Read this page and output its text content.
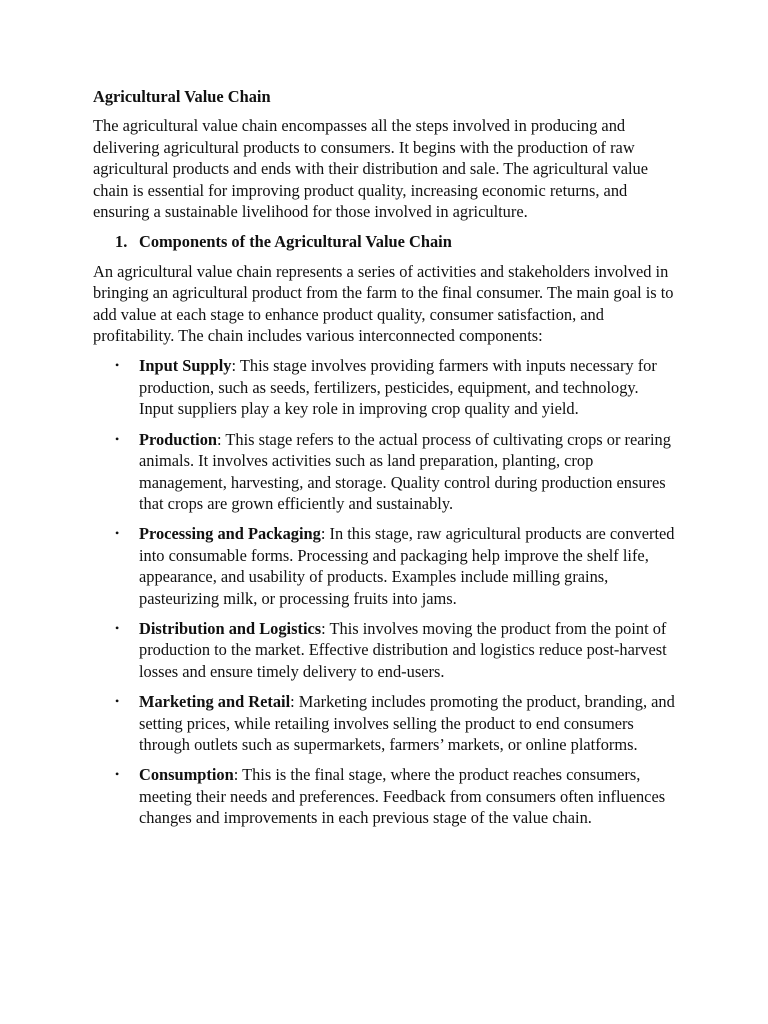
Agricultural Value Chain

The agricultural value chain encompasses all the steps involved in producing and delivering agricultural products to consumers. It begins with the production of raw agricultural products and ends with their distribution and sale. The agricultural value chain is essential for improving product quality, increasing economic returns, and ensuring a sustainable livelihood for those involved in agriculture.

1. Components of the Agricultural Value Chain

An agricultural value chain represents a series of activities and stakeholders involved in bringing an agricultural product from the farm to the final consumer. The main goal is to add value at each stage to enhance product quality, consumer satisfaction, and profitability. The chain includes various interconnected components:

• Input Supply: This stage involves providing farmers with inputs necessary for production, such as seeds, fertilizers, pesticides, equipment, and technology. Input suppliers play a key role in improving crop quality and yield.
• Production: This stage refers to the actual process of cultivating crops or rearing animals. It involves activities such as land preparation, planting, crop management, harvesting, and storage. Quality control during production ensures that crops are grown efficiently and sustainably.
• Processing and Packaging: In this stage, raw agricultural products are converted into consumable forms. Processing and packaging help improve the shelf life, appearance, and usability of products. Examples include milling grains, pasteurizing milk, or processing fruits into jams.
• Distribution and Logistics: This involves moving the product from the point of production to the market. Effective distribution and logistics reduce post-harvest losses and ensure timely delivery to end-users.
• Marketing and Retail: Marketing includes promoting the product, branding, and setting prices, while retailing involves selling the product to end consumers through outlets such as supermarkets, farmers’ markets, or online platforms.
• Consumption: This is the final stage, where the product reaches consumers, meeting their needs and preferences. Feedback from consumers often influences changes and improvements in each previous stage of the value chain.
